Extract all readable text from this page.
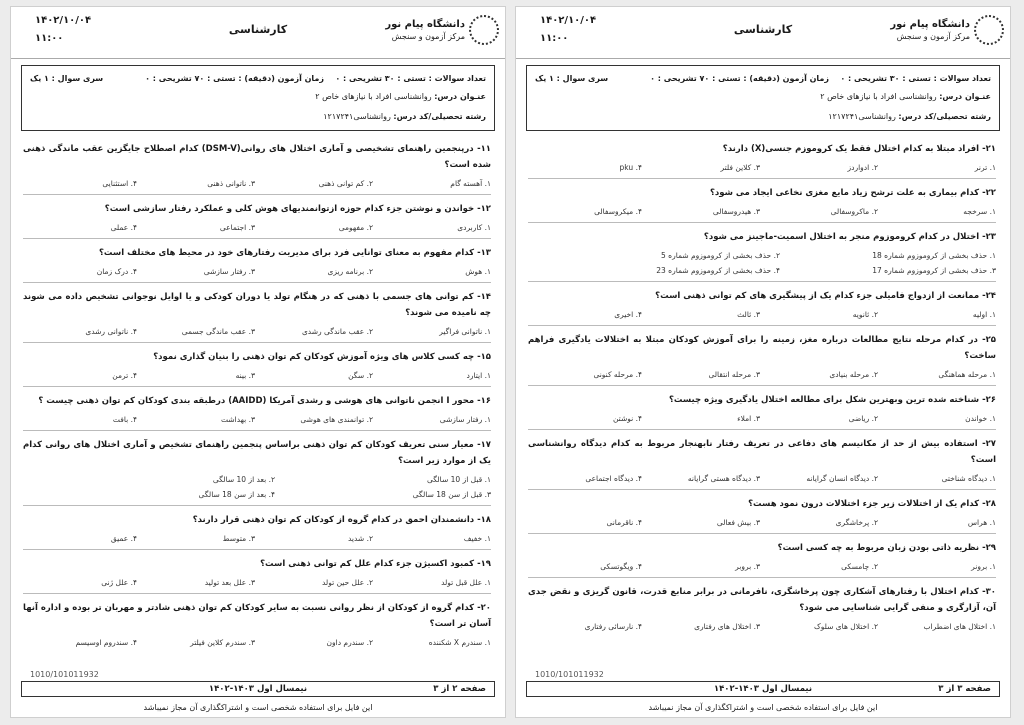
۱۴۰۲/۱۰/۰۴
۱۱:۰۰
کارشناسی	دانشگاه پیام نور
مرکز آزمون و سنجش
تعداد سوالات : تستی : ۳۰ تشریحی : ۰
زمان آزمون (دقیقه) : تستی : ۷۰ تشریحی : ۰
سری سوال : ۱ یک
عنـوان درس: روانشناسی افراد با نیازهای خاص ۲
رشته تحصیلی/کد درس: روانشناسی۱۲۱۷۲۴۱
۱۱- درپنجمین راهنمای تشخیصی و آماری اختلال های روانی(DSM-V) کدام اصطلاح جایگزین عقب ماندگی ذهنی شده است؟
۱. آهسته گام
۲. کم توانی ذهنی
۳. ناتوانی ذهنی
۴. استثنایی
۱۲- خواندن و نوشتن جزء کدام حوزه ازتوانمندیهای هوش کلی و عملکرد رفتار سازشی است؟
۱. کاربردی
۲. مفهومی
۳. اجتماعی
۴. عملی
۱۳- کدام مفهوم به معنای توانایی فرد برای مدیریت رفتارهای خود در محیط های مختلف است؟
۱. هوش
۲. برنامه ریزی
۳. رفتار سازشی
۴. درک زمان
۱۴- کم توانی های جسمی با ذهنی که در هنگام تولد یا دوران کودکی و یا اوایل نوجوانی تشخیص داده می شوند چه نامیده می شوند؟
۱. ناتوانی فراگیر
۲. عقب ماندگی رشدی
۳. عقب ماندگی جسمی
۴. ناتوانی رشدی
۱۵- چه کسی کلاس های ویژه آموزش کودکان کم توان ذهنی را بنیان گذاری نمود؟
۱. ایتارد
۲. سگن
۳. بینه
۴. ترمن
۱۶- محور I انجمن ناتوانی های هوشی و رشدی آمریکا (AAIDD) درطبقه بندی کودکان کم توان ذهنی چیست ؟
۱. رفتار سازشی
۲. توانمندی های هوشی
۳. بهداشت
۴. بافت
۱۷- معیار سنی تعریف کودکان کم توان ذهنی براساس پنجمین راهنمای تشخیص و آماری اختلال های روانی کدام یک از موارد زیر است؟
۱. قبل از 10 سالگی
۲. بعد از 10 سالگی
۳. قبل از سن 18 سالگی
۴. بعد از سن 18 سالگی
۱۸- دانشمندان احمق در کدام گروه از کودکان کم توان ذهنی قرار دارند؟
۱. خفیف
۲. شدید
۳. متوسط
۴. عمیق
۱۹- کمبود اکسیژن جزء کدام علل کم توانی ذهنی است؟
۱. علل قبل تولد
۲. علل حین تولد
۳. علل بعد تولید
۴. علل ژنی
۲۰- کدام گروه از کودکان از نظر روانی نسبت به سایر کودکان کم توان ذهنی شادتر و مهربان تر بوده و اداره آنها آسان تر است؟
۱. سندرم X شکننده
۲. سندرم داون
۳. سندرم کلاین فیلتر
۴. سندروم اوسیسم
صفحه ۲ از ۳
نیمسال اول ۱۴۰۳-۱۴۰۲
1010/101011932
این فایل برای استفاده شخصی است و اشتراکگذاری آن مجاز نمیباشد
۱۴۰۲/۱۰/۰۴
۱۱:۰۰
کارشناسی	دانشگاه پیام نور
مرکز آزمون و سنجش
تعداد سوالات : تستی : ۳۰ تشریحی : ۰
زمان آزمون (دقیقه) : تستی : ۷۰ تشریحی : ۰
سری سوال : ۱ یک
عنـوان درس: روانشناسی افراد با نیازهای خاص ۲
رشته تحصیلی/کد درس: روانشناسی۱۲۱۷۲۴۱
۲۱- افراد مبتلا به کدام اختلال فقط یک کروموزم جنسی(X) دارند؟
۱. ترنر
۲. ادواردز
۳. کلاین فلتر
۴. pku
۲۲- کدام بیماری به علت ترشح زیاد مایع مغزی نخاعی ایجاد می شود؟
۱. سرخجه
۲. ماکروسفالی
۳. هیدروسفالی
۴. میکروسفالی
۲۳- اختلال در کدام کروموزوم منجر به اختلال اسمیت-ماجینز می شود؟
۱. حذف بخشی از کروموزوم شماره 18
۲. حذف بخشی از کروموزوم شماره 5
۳. حذف بخشی از کروموزوم شماره 17
۴. حذف بخشی از کروموزوم شماره 23
۲۴- ممانعت از ازدواج فامیلی جزء کدام یک از پیشگیری های کم توانی ذهنی است؟
۱. اولیه
۲. ثانویه
۳. ثالث
۴. اخیری
۲۵- در کدام مرحله نتایج مطالعات درباره مغز، زمینه را برای آموزش کودکان مبتلا به اختلالات یادگیری فراهم ساخت؟
۱. مرحله هماهنگی
۲. مرحله بنیادی
۳. مرحله انتقالی
۴. مرحله کنونی
۲۶- شناخته شده ترین وبهترین شکل برای مطالعه اختلال یادگیری ویژه چیست؟
۱. خواندن
۲. ریاضی
۳. املاء
۴. نوشتن
۲۷- استفاده بیش از حد از مکانیسم های دفاعی در تعریف رفتار نابهنجار مربوط به کدام دیدگاه روانشناسی است؟
۱. دیدگاه شناختی
۲. دیدگاه انسان گرایانه
۳. دیدگاه هستی گرایانه
۴. دیدگاه اجتماعی
۲۸- کدام یک از اختلالات زیر جزء اختلالات درون نمود هست؟
۱. هراس
۲. پرخاشگری
۳. بیش فعالی
۴. ناقرمانی
۲۹- نظریه ذاتی بودن زبان مربوط به چه کسی است؟
۱. برونر
۲. چامسکی
۳. بروبر
۴. ویگوتسکی
۳۰- کدام اختلال با رفتارهای آشکاری چون پرخاشگری، نافرمانی در برابر منابع قدرت، قانون گریزی و نقض جدی آن، آزارگری و منفی گرایی شناسایی می شود؟
۱. اختلال های اضطراب
۲. اختلال های سلوک
۳. اختلال های رفتاری
۴. نارسائی رفتاری
صفحه ۳ از ۳
نیمسال اول ۱۴۰۳-۱۴۰۲
1010/101011932
این فایل برای استفاده شخصی است و اشتراکگذاری آن مجاز نمیباشد
